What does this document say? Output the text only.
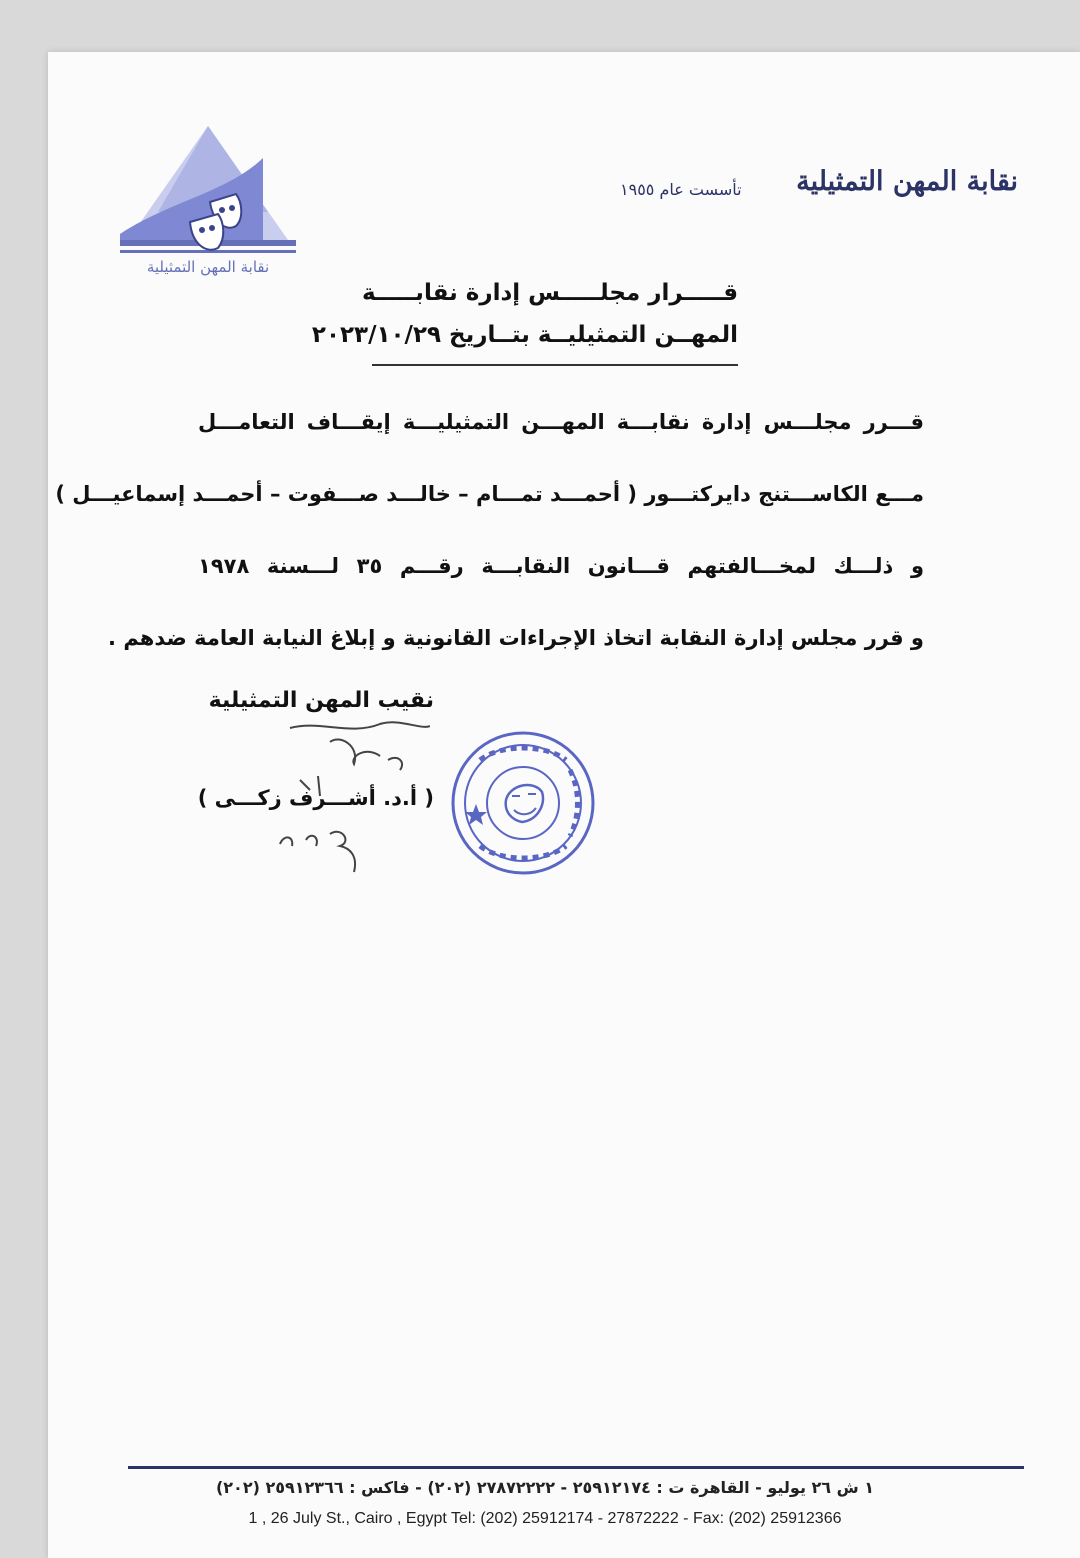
نقابة المهن التمثيلية
نقابة المهن التمثيلية
تأسست عام ١٩٥٥
قـــــرار مجلـــــس إدارة نقابـــــة
المهــن التمثيليــة بتــاريخ ٢٠٢٣/١٠/٢٩
قـــرر مجلـــس إدارة نقابـــة المهـــن التمثيليـــة إيقـــاف التعامـــل
مـــع الكاســـتنج دايركتـــور ( أحمـــد تمـــام – خالـــد صـــفوت – أحمـــد إسماعيـــل )
و ذلـــك لمخـــالفتهم قـــانون النقابـــة رقـــم ٣٥ لـــسنة ١٩٧٨
و قرر مجلس إدارة النقابة اتخاذ الإجراءات القانونية و إبلاغ النيابة العامة ضدهم .
نقيب المهن التمثيلية
( أ.د. أشـــرف زكـــى )
١ ش ٢٦ يوليو - القاهرة ت : ٢٥٩١٢١٧٤ - ٢٧٨٧٢٢٢٢ (٢٠٢) - فاكس : ٢٥٩١٢٣٦٦ (٢٠٢)
1 , 26 July St., Cairo , Egypt Tel: (202) 25912174 - 27872222 - Fax: (202) 25912366
